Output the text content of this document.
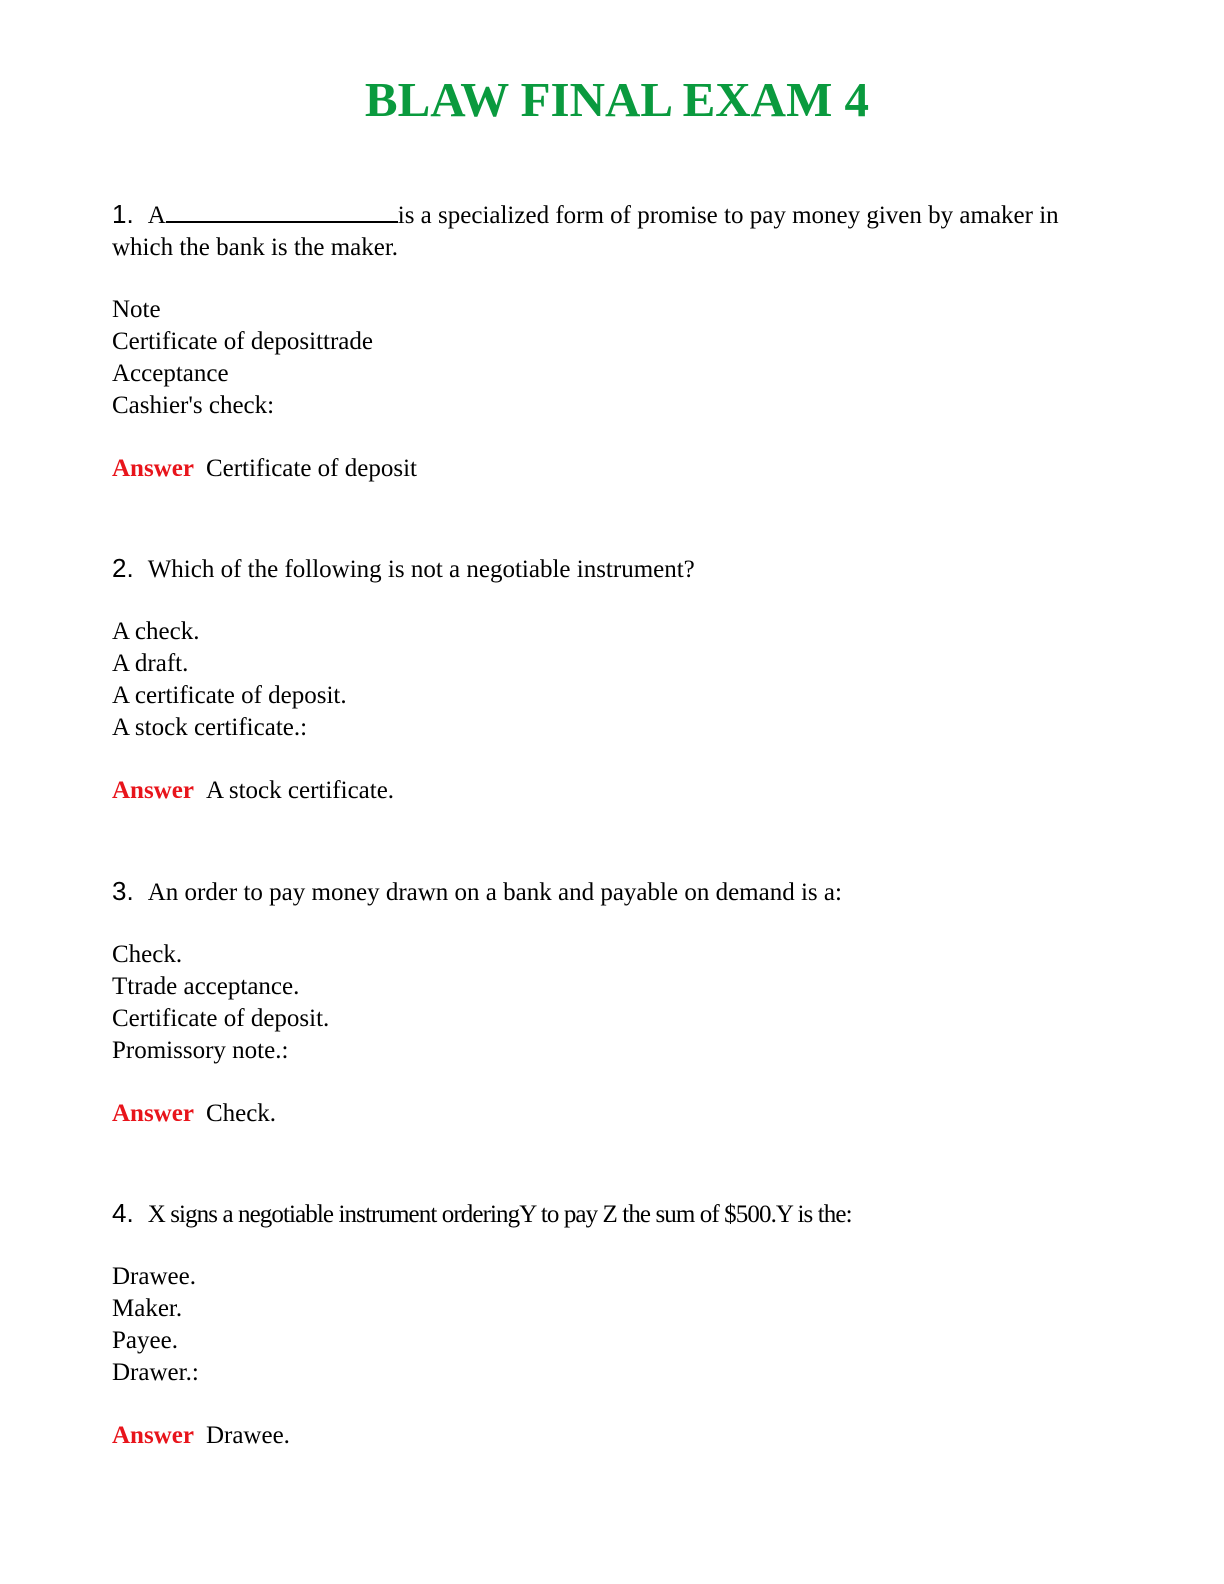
BLAW FINAL EXAM 4

1. A	is a specialized form of promise to pay money given by amaker in which the bank is the maker.

Note
Certificate of deposittrade
Acceptance
Cashier's check:

Answer Certificate of deposit

2. Which of the following is not a negotiable instrument?

A check.
A draft.
A certificate of deposit.
A stock certificate.:

Answer A stock certificate.

3. An order to pay money drawn on a bank and payable on demand is a:

Check.
Ttrade acceptance.
Certificate of deposit.
Promissory note.:

Answer Check.

4. X signs a negotiable instrument orderingY to pay Z the sum of $500.Y is the:

Drawee.
Maker.
Payee.
Drawer.:

Answer Drawee.
